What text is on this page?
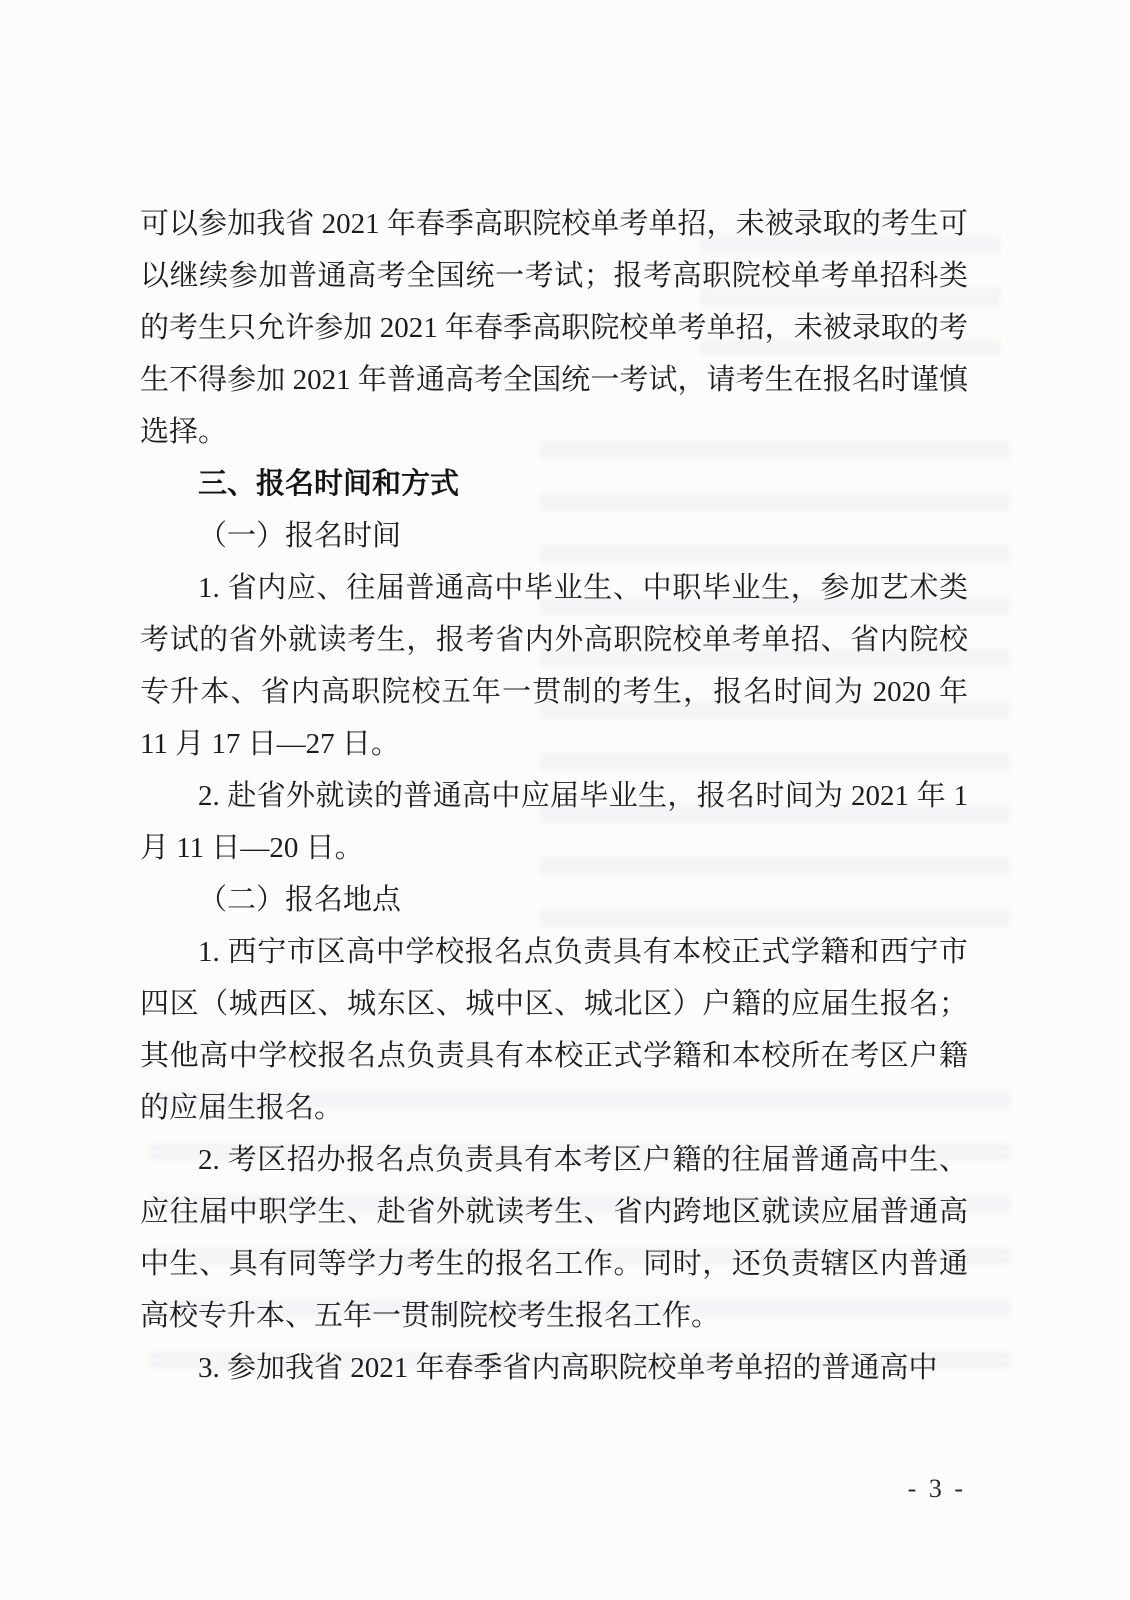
可以参加我省 2021 年春季高职院校单考单招，未被录取的考生可以继续参加普通高考全国统一考试；报考高职院校单考单招科类的考生只允许参加 2021 年春季高职院校单考单招，未被录取的考生不得参加 2021 年普通高考全国统一考试，请考生在报名时谨慎选择。

三、报名时间和方式

（一）报名时间

1. 省内应、往届普通高中毕业生、中职毕业生，参加艺术类考试的省外就读考生，报考省内外高职院校单考单招、省内院校专升本、省内高职院校五年一贯制的考生，报名时间为 2020 年 11 月 17 日—27 日。

2. 赴省外就读的普通高中应届毕业生，报名时间为 2021 年 1 月 11 日—20 日。

（二）报名地点

1. 西宁市区高中学校报名点负责具有本校正式学籍和西宁市四区（城西区、城东区、城中区、城北区）户籍的应届生报名；其他高中学校报名点负责具有本校正式学籍和本校所在考区户籍的应届生报名。

2. 考区招办报名点负责具有本考区户籍的往届普通高中生、应往届中职学生、赴省外就读考生、省内跨地区就读应届普通高中生、具有同等学力考生的报名工作。同时，还负责辖区内普通高校专升本、五年一贯制院校考生报名工作。

3. 参加我省 2021 年春季省内高职院校单考单招的普通高中

- 3 -
